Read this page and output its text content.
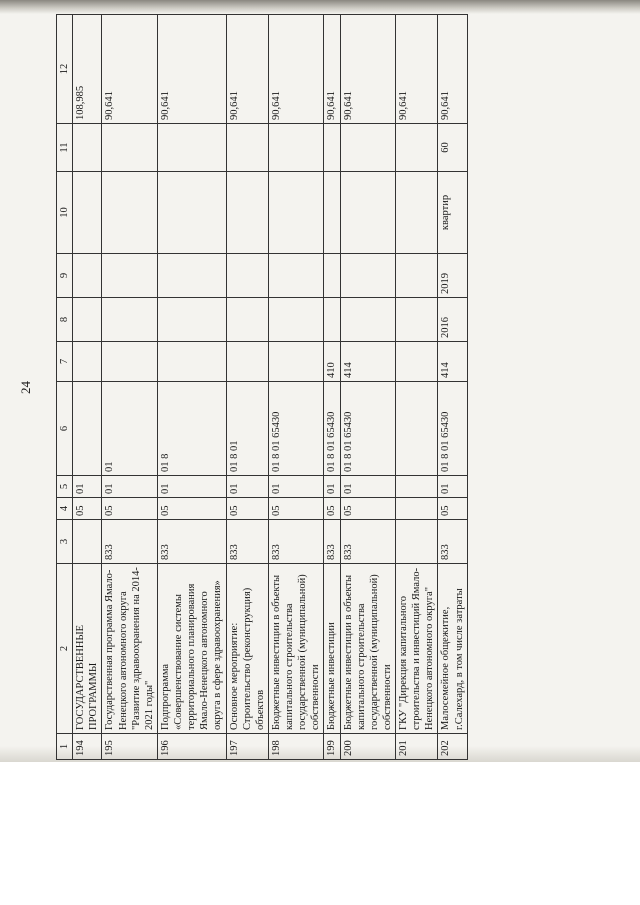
24
1	2	3	4	5	6	7	8	9	10	11	12
194	ГОСУДАРСТВЕННЫЕ ПРОГРАММЫ		05	01							108,985
195	Государственная программа Ямало-Ненецкого автономного округа "Развитие здравоохранения на 2014-2021 годы"	833	05	01	01						90,641
196	Подпрограмма «Совершенствование системы территориального планирования Ямало-Ненецкого автономного округа в сфере здравоохранения»	833	05	01	01 8						90,641
197	Основное мероприятие: Строительство (реконструкция) объектов	833	05	01	01 8 01						90,641
198	Бюджетные инвестиции в объекты капитального строительства государственной (муниципальной) собственности	833	05	01	01 8 01 65430						90,641
199	Бюджетные инвестиции	833	05	01	01 8 01 65430	410					90,641
200	Бюджетные инвестиции в объекты капитального строительства государственной (муниципальной) собственности	833	05	01	01 8 01 65430	414					90,641
201	ГКУ "Дирекция капитального строительства и инвестиций Ямало-Ненецкого автономного округа"										90,641
202	Малосемейное общежитие, г.Салехард, в том числе затраты	833	05	01	01 8 01 65430	414	2016	2019	квартир	60	90,641
